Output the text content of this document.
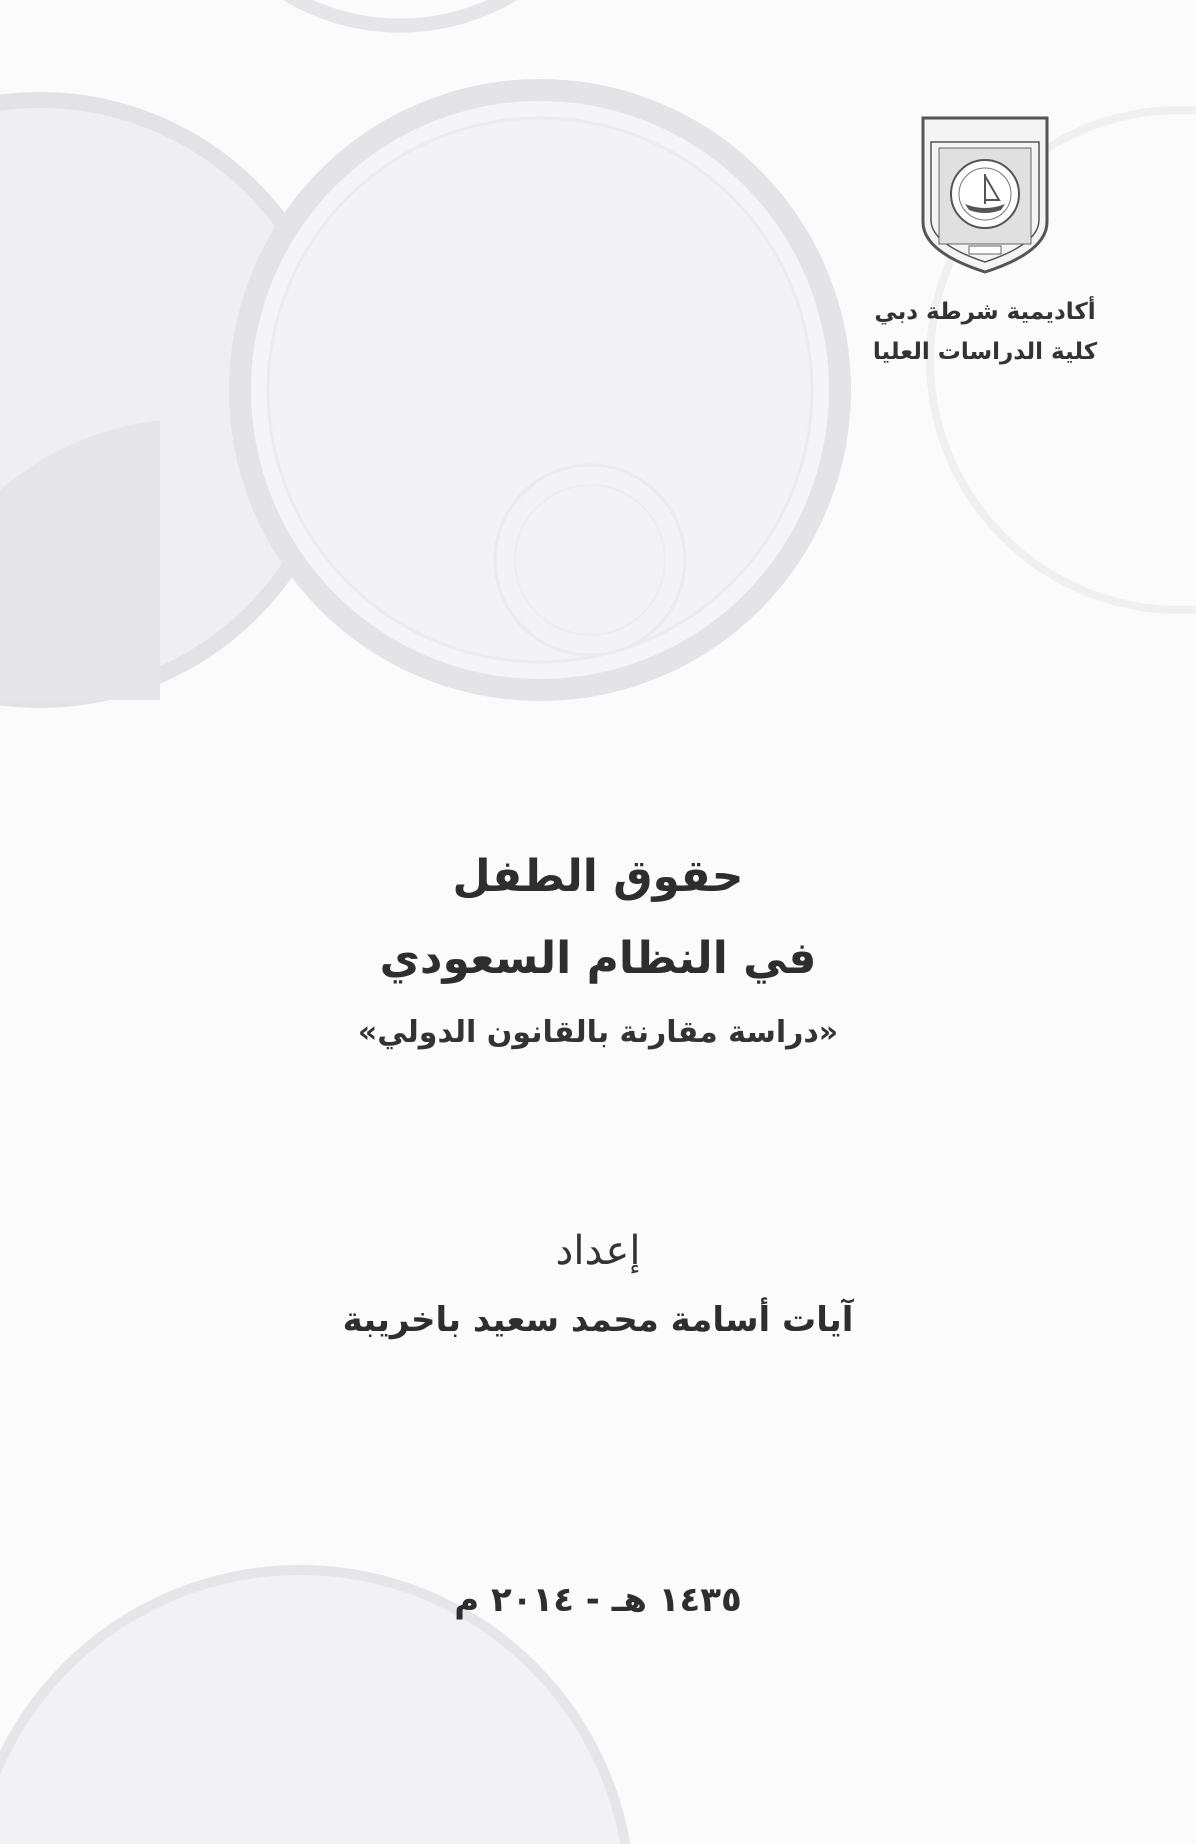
أكاديمية شرطة دبي
كلية الدراسات العليا
حقوق الطفل
في النظام السعودي
«دراسة مقارنة بالقانون الدولي»
إعداد
آيات أسامة محمد سعيد باخريبة
١٤٣٥ هـ - ٢٠١٤ م
